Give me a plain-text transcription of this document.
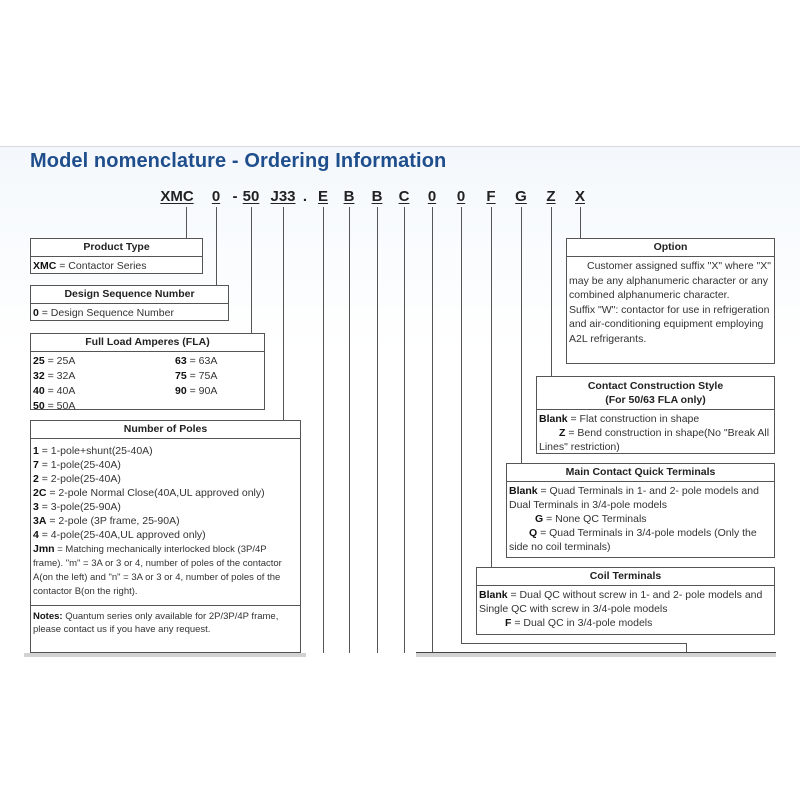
Model nomenclature - Ordering Information
XMC 0 - 50 J33 . E B B C 0 0 F G Z X
Product Type
XMC = Contactor Series
Design Sequence Number
0 = Design Sequence Number
Full Load Amperes (FLA)
25 = 25A
32 = 32A
40 = 40A
50 = 50A
63 = 63A
75 = 75A
90 = 90A
Number of Poles
1 = 1-pole+shunt(25-40A)
7 = 1-pole(25-40A)
2 = 2-pole(25-40A)
2C = 2-pole Normal Close(40A,UL approved only)
3 = 3-pole(25-90A)
3A = 2-pole (3P frame, 25-90A)
4 = 4-pole(25-40A,UL approved only)
Jmn = Matching mechanically interlocked block (3P/4P frame). "m" = 3A or 3 or 4, number of poles of the contactor A(on the left) and "n" = 3A or 3 or 4, number of poles of the contactor B(on the right).
Notes: Quantum series only available for 2P/3P/4P frame, please contact us if you have any request.
Option
Customer assigned suffix "X" where "X" may be any alphanumeric character or any combined alphanumeric character.
Suffix "W": contactor for use in refrigeration and air-conditioning equipment employing A2L refrigerants.
Contact Construction Style
(For 50/63 FLA only)
Blank = Flat construction in shape
Z = Bend construction in shape(No "Break All Lines" restriction)
Main Contact Quick Terminals
Blank = Quad Terminals in 1- and 2- pole models and Dual Terminals in 3/4-pole models
G = None QC Terminals
Q = Quad Terminals in 3/4-pole models (Only the side no coil terminals)
Coil Terminals
Blank = Dual QC without screw in 1- and 2- pole models and Single QC with screw in 3/4-pole models
F = Dual QC in 3/4-pole models
